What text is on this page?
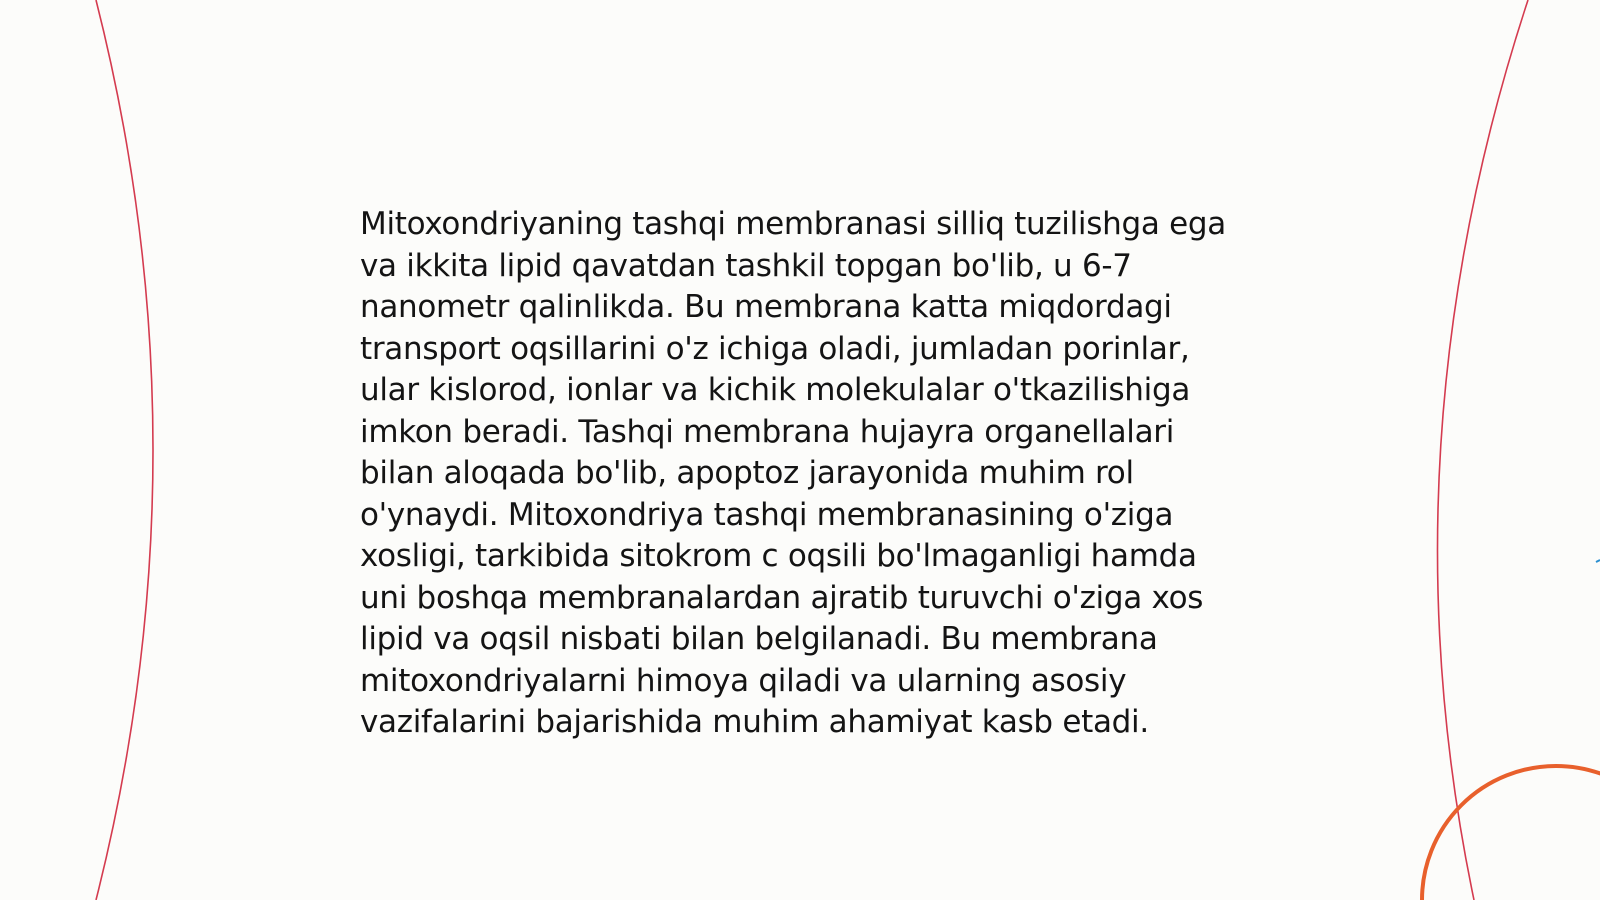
Mitoxondriyaning tashqi membranasi silliq tuzilishga ega va ikkita lipid qavatdan tashkil topgan bo'lib, u 6-7 nanometr qalinlikda. Bu membrana katta miqdordagi transport oqsillarini o'z ichiga oladi, jumladan porinlar, ular kislorod, ionlar va kichik molekulalar o'tkazilishiga imkon beradi. Tashqi membrana hujayra organellalari bilan aloqada bo'lib, apoptoz jarayonida muhim rol o'ynaydi. Mitoxondriya tashqi membranasining o'ziga xosligi, tarkibida sitokrom c oqsili bo'lmaganligi hamda uni boshqa membranalardan ajratib turuvchi o'ziga xos lipid va oqsil nisbati bilan belgilanadi. Bu membrana mitoxondriyalarni himoya qiladi va ularning asosiy vazifalarini bajarishida muhim ahamiyat kasb etadi.
